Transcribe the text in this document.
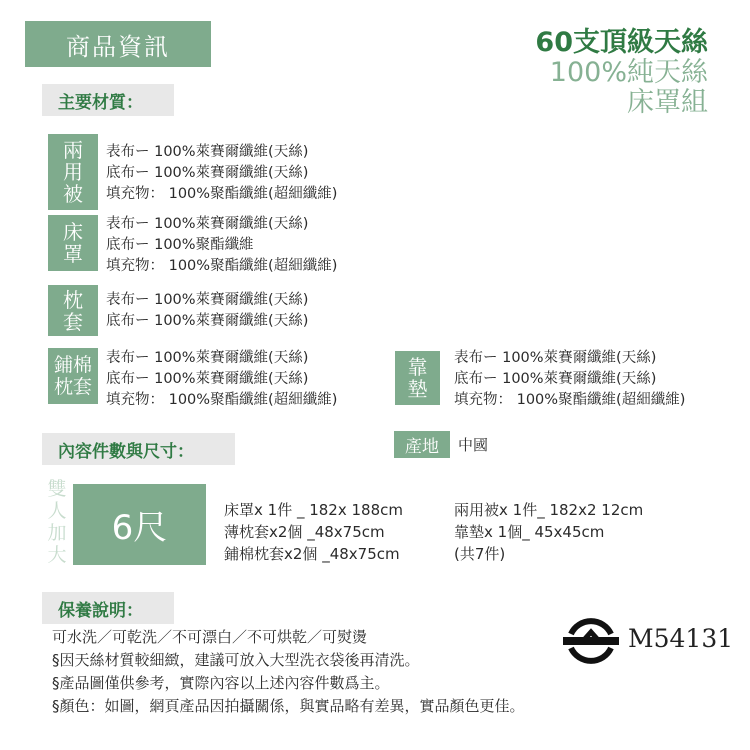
商品資訊	60支頂級天絲
100%純天絲
床罩組
主要材質：
兩
用
被
表布ー 100%萊賽爾纖維(天絲)
底布ー 100%萊賽爾纖維(天絲)
填充物： 100%聚酯纖維(超細纖維)
床
罩
表布ー 100%萊賽爾纖維(天絲)
底布ー 100%聚酯纖維
填充物： 100%聚酯纖維(超細纖維)
枕
套
表布ー 100%萊賽爾纖維(天絲)
底布ー 100%萊賽爾纖維(天絲)
鋪棉
枕套
表布ー 100%萊賽爾纖維(天絲)
底布ー 100%萊賽爾纖維(天絲)
填充物： 100%聚酯纖維(超細纖維)
靠
墊
表布ー 100%萊賽爾纖維(天絲)
底布ー 100%萊賽爾纖維(天絲)
填充物： 100%聚酯纖維(超細纖維)
內容件數與尺寸：	產地	中國
雙
人
加
大
6尺	床罩x 1件 _ 182x 188cm
薄枕套x2個 _48x75cm
鋪棉枕套x2個 _48x75cm
兩用被x 1件_ 182x2 12cm
靠墊x 1個_ 45x45cm
(共7件)
保養說明：
可水洗／可乾洗／不可漂白／不可烘乾／可熨燙
§因天絲材質較細緻，建議可放入大型洗衣袋後再清洗。
§產品圖僅供參考，實際內容以上述內容件數爲主。
§顏色：如圖，網頁產品因拍攝關係，與實品略有差異，實品顏色更佳。
M54131
